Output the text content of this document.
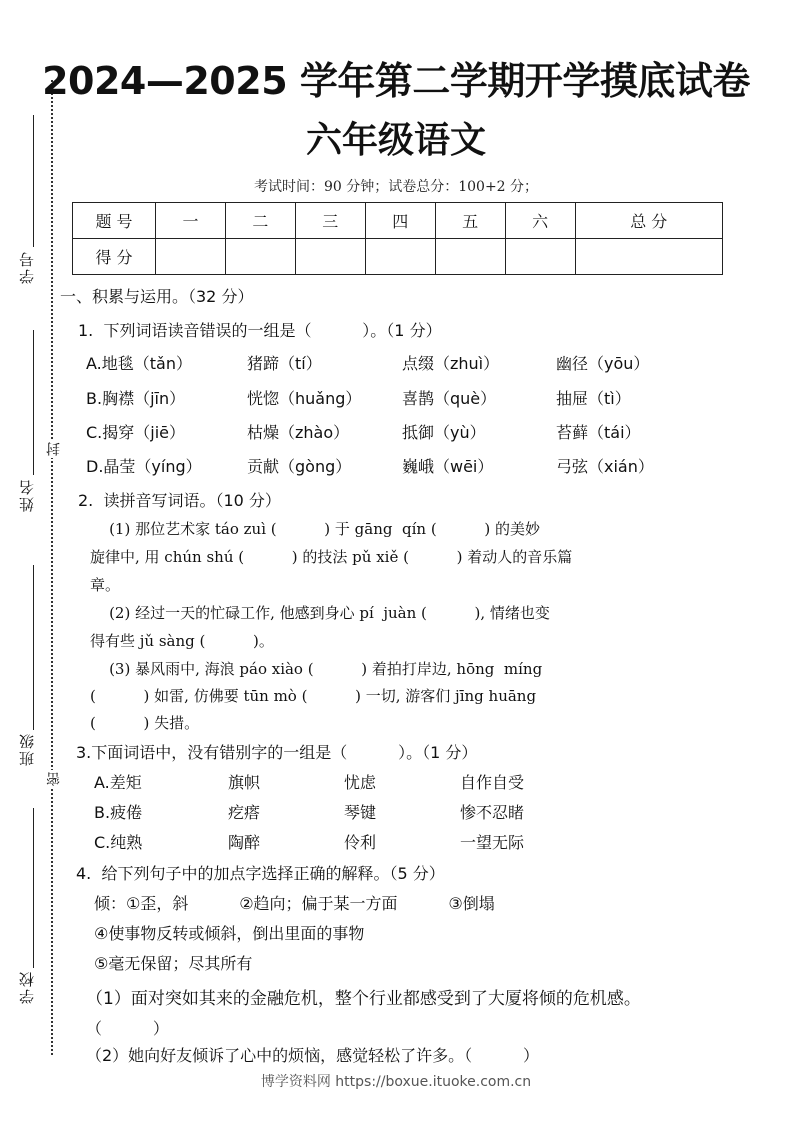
学号
姓名
封
班级
密
学校
2024—2025 学年第二学期开学摸底试卷
六年级语文
考试时间：90 分钟；试卷总分：100+2 分；
题 号	一	二	三	四	五	六	总 分
得 分							
一、积累与运用。（32 分）
1.  下列词语读音错误的一组是（          ）。（1 分）
A.地毯（tǎn）	猪蹄（tí）	点缀（zhuì）	幽径（yōu）
B.胸襟（jīn）	恍惚（huǎng）	喜鹊（què）	抽屉（tì）
C.揭穿（jiē）	枯燥（zhào）	抵御（yù）	苔藓（tái）
D.晶莹（yíng）	贡献（gòng）	巍峨（wēi）	弓弦（xián）
2.  读拼音写词语。（10 分）
(1) 那位艺术家 táo zuì (          ) 于 gāng  qín (          ) 的美妙
旋律中, 用 chún shú (          ) 的技法 pǔ xiě (          ) 着动人的音乐篇
章。
(2) 经过一天的忙碌工作, 他感到身心 pí  juàn (          ), 情绪也变
得有些 jǔ sàng (          )。
(3) 暴风雨中, 海浪 páo xiào (          ) 着拍打岸边, hōng  míng
(          ) 如雷, 仿佛要 tūn mò (          ) 一切, 游客们 jīng huāng
(          ) 失措。
3.下面词语中，没有错别字的一组是（          ）。（1 分）
A.差矩	旗帜	忧虑	自作自受
B.疲倦	疙瘩	琴键	惨不忍睹
C.纯熟	陶醉	伶利	一望无际
4.  给下列句子中的加点字选择正确的解释。（5 分）
倾：①歪，斜          ②趋向；偏于某一方面          ③倒塌
④使事物反转或倾斜，倒出里面的事物
⑤毫无保留；尽其所有
（1）面对突如其来的金融危机，整个行业都感受到了大厦将倾的危机感。
（          ）
（2）她向好友倾诉了心中的烦恼，感觉轻松了许多。（          ）
博学资料网 https://boxue.ituoke.com.cn
